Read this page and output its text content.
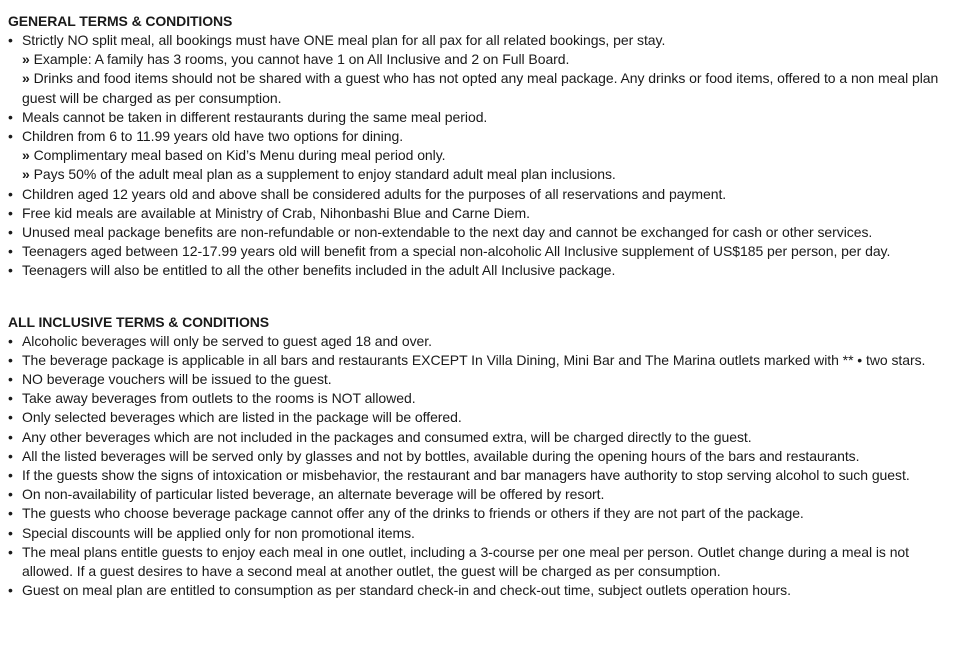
GENERAL TERMS & CONDITIONS
• Strictly NO split meal, all bookings must have ONE meal plan for all pax for all related bookings, per stay.
» Example: A family has 3 rooms, you cannot have 1 on All Inclusive and 2 on Full Board.
» Drinks and food items should not be shared with a guest who has not opted any meal package. Any drinks or food items, offered to a non meal plan guest will be charged as per consumption.
• Meals cannot be taken in different restaurants during the same meal period.
• Children from 6 to 11.99 years old have two options for dining.
» Complimentary meal based on Kid’s Menu during meal period only.
» Pays 50% of the adult meal plan as a supplement to enjoy standard adult meal plan inclusions.
• Children aged 12 years old and above shall be considered adults for the purposes of all reservations and payment.
• Free kid meals are available at Ministry of Crab, Nihonbashi Blue and Carne Diem.
• Unused meal package benefits are non-refundable or non-extendable to the next day and cannot be exchanged for cash or other services.
• Teenagers aged between 12-17.99 years old will benefit from a special non-alcoholic All Inclusive supplement of US$185 per person, per day.
• Teenagers will also be entitled to all the other benefits included in the adult All Inclusive package.
ALL INCLUSIVE TERMS & CONDITIONS
• Alcoholic beverages will only be served to guest aged 18 and over.
• The beverage package is applicable in all bars and restaurants EXCEPT In Villa Dining, Mini Bar and The Marina outlets marked with ** • two stars.
• NO beverage vouchers will be issued to the guest.
• Take away beverages from outlets to the rooms is NOT allowed.
• Only selected beverages which are listed in the package will be offered.
• Any other beverages which are not included in the packages and consumed extra, will be charged directly to the guest.
• All the listed beverages will be served only by glasses and not by bottles, available during the opening hours of the bars and restaurants.
• If the guests show the signs of intoxication or misbehavior, the restaurant and bar managers have authority to stop serving alcohol to such guest.
• On non-availability of particular listed beverage, an alternate beverage will be offered by resort.
• The guests who choose beverage package cannot offer any of the drinks to friends or others if they are not part of the package.
• Special discounts will be applied only for non promotional items.
• The meal plans entitle guests to enjoy each meal in one outlet, including a 3-course per one meal per person. Outlet change during a meal is not allowed. If a guest desires to have a second meal at another outlet, the guest will be charged as per consumption.
• Guest on meal plan are entitled to consumption as per standard check-in and check-out time, subject outlets operation hours.
